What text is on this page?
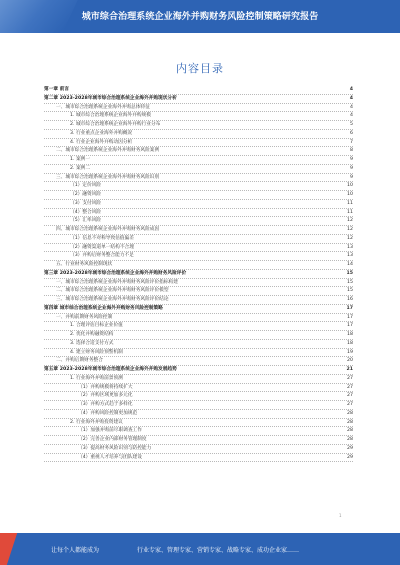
城市综合治理系统企业海外并购财务风险控制策略研究报告
内容目录
第一章 前言	4
第二章 2023-2028年城市综合治理系统企业海外并购现状分析	4
一、城市综合治理系统企业海外并购总体特征	4
1. 城市综合治理系统企业海外并购规模	4
2. 城市综合治理系统企业海外并购行业分布	5
3. 行业重点企业海外并购概况	6
4. 行业企业海外并购动因分析	7
二、城市综合治理系统企业海外并购财务风险案例	8
1. 案例一	9
2. 案例二	9
三、城市综合治理系统企业海外并购财务风险识别	9
（1）定价风险	10
（2）融资风险	10
（3）支付风险	11
（4）整合风险	11
（5）汇率风险	12
四、城市综合治理系统企业海外并购财务风险成因	12
（1）信息不对称导致估值偏差	12
（2）融资渠道单一结构不合理	13
（3）并购后财务整合能力不足	13
五、行业财务风险控制现状	14
第三章 2023-2028年城市综合治理系统企业海外并购财务风险评价	15
一、城市综合治理系统企业海外并购财务风险评价指标构建	15
二、城市综合治理系统企业海外并购财务风险评价模型	15
三、城市综合治理系统企业海外并购财务风险评价结论	16
第四章 城市综合治理系统企业海外并购财务风险控制策略	17
一、并购前期财务风险控制	17
1. 合理评估目标企业价值	17
2. 优化并购融资结构	18
3. 选择合适支付方式	18
4. 建立财务风险预警机制	19
二、并购后期财务整合	20
第五章 2023-2028年城市综合治理系统企业海外并购发展趋势	21
1. 行业海外并购前景预测	27
（1）并购规模将持续扩大	27
（2）并购区域更加多元化	27
（3）并购方式趋于多样化	27
（4）并购风险控制更加规范	28
2. 行业海外并购投资建议	28
（1）加强并购前尽职调查工作	28
（2）完善企业内部财务管理制度	28
（3）提高财务风险识别与防控能力	29
（4）重视人才培养与团队建设	29
1
让每个人都能成为	行业专家、管理专家、营销专家、战略专家、成功企业家……
